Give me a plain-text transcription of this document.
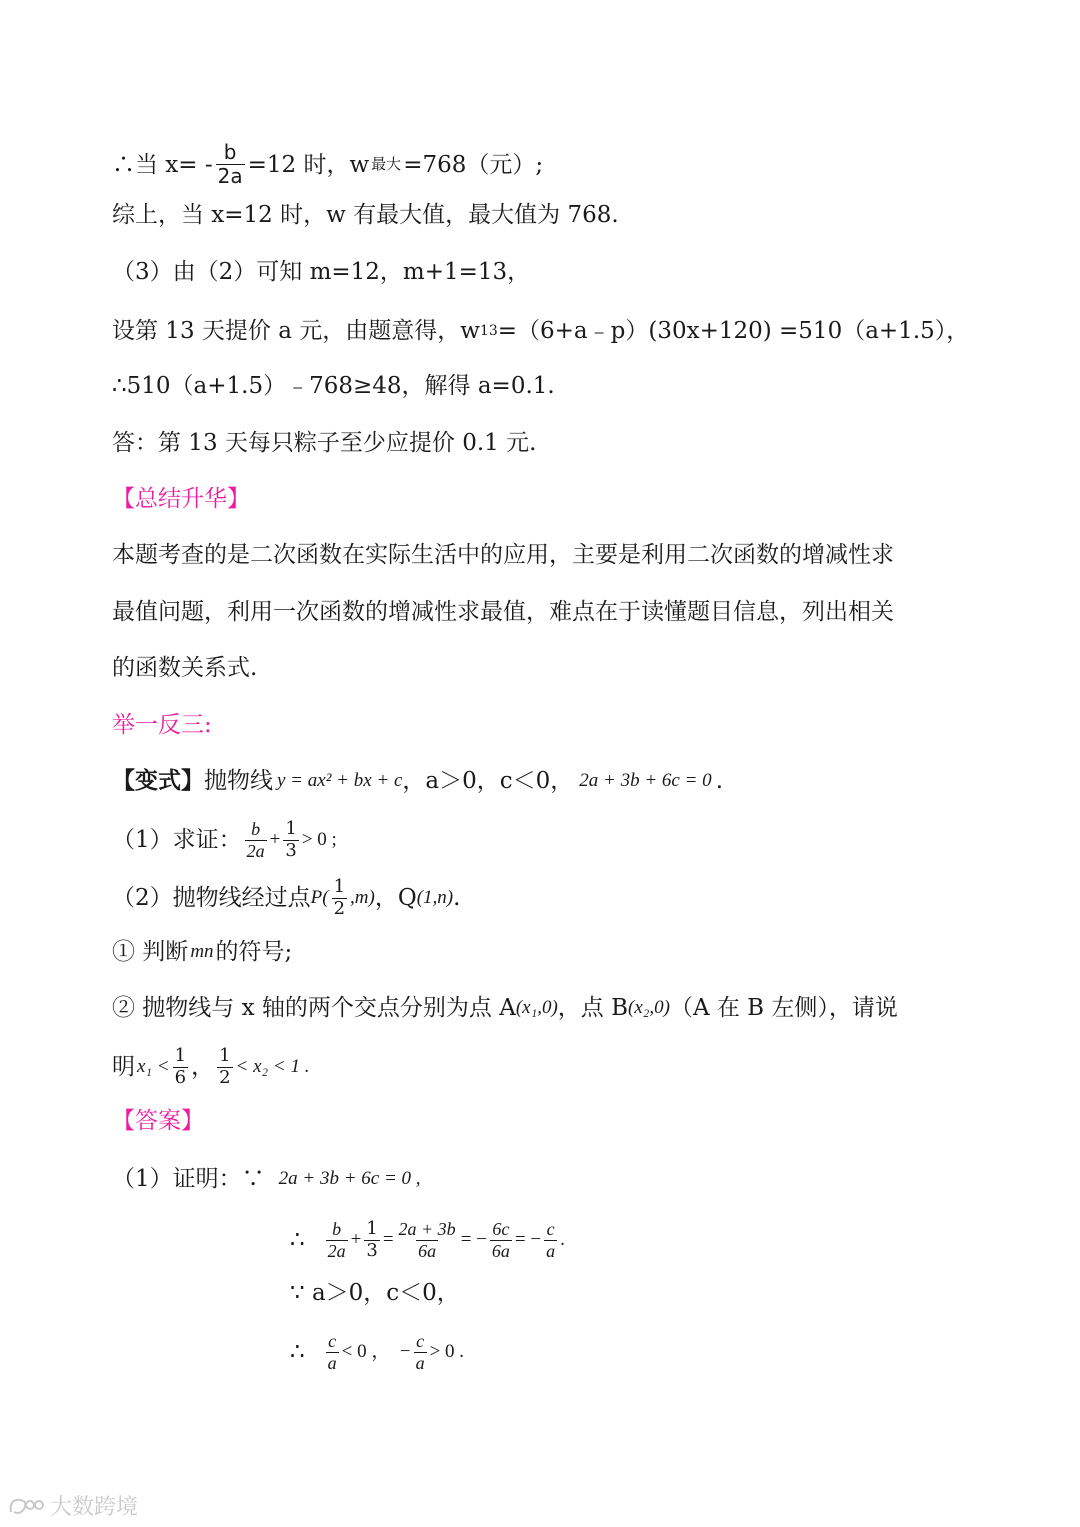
∴当 $x= - \frac{b}{2a} =12$ 时，w 最大 =768（元）;
综上，当 x=12 时，w 有最大值，最大值为 768.
（3）由（2）可知 m=12，m+1=13，
设第 13 天提价 a 元，由题意得，w 13 =（6+a﹣p）(30x+120) =510（a+1.5），
∴510（a+1.5）﹣768≥48，解得 a=0.1.
答：第 13 天每只粽子至少应提价 0.1 元.
【总结升华】
本题考查的是二次函数在实际生活中的应用，主要是利用二次函数的增减性求
最值问题，利用一次函数的增减性求最值，难点在于读懂题目信息，列出相关
的函数关系式.
举一反三:
【变式】 抛物线 y = ax² + bx + c ，a＞0，c＜0， 2a + 3b + 6c = 0 .
（1）求证： $\frac{b}{2a} + \frac{1}{3} > 0$ ;
（2）抛物线经过点 $P( \frac{1}{2} ,m)$ ，Q (1,n) .
① 判断 mn 的符号;
② 抛物线与 x 轴的两个交点分别为点 A (x₁,0) ，点 B (x₂,0) （A 在 B 左侧），请说
明 $x_1 < \frac{1}{6}$ ， $\frac{1}{2} < x_2 < 1$ .
【答案】
（1）证明：∵ 2a + 3b + 6c = 0 ,
∴ $\frac{b}{2a} + \frac{1}{3} = \frac{2a + 3b}{6a}$ = − $\frac{6c}{6a}$ = − $\frac{c}{a}$ .
∵ a＞0，c＜0，
∴ $\frac{c}{a} < 0$ ，  − $\frac{c}{a} > 0$ .
大数跨境
